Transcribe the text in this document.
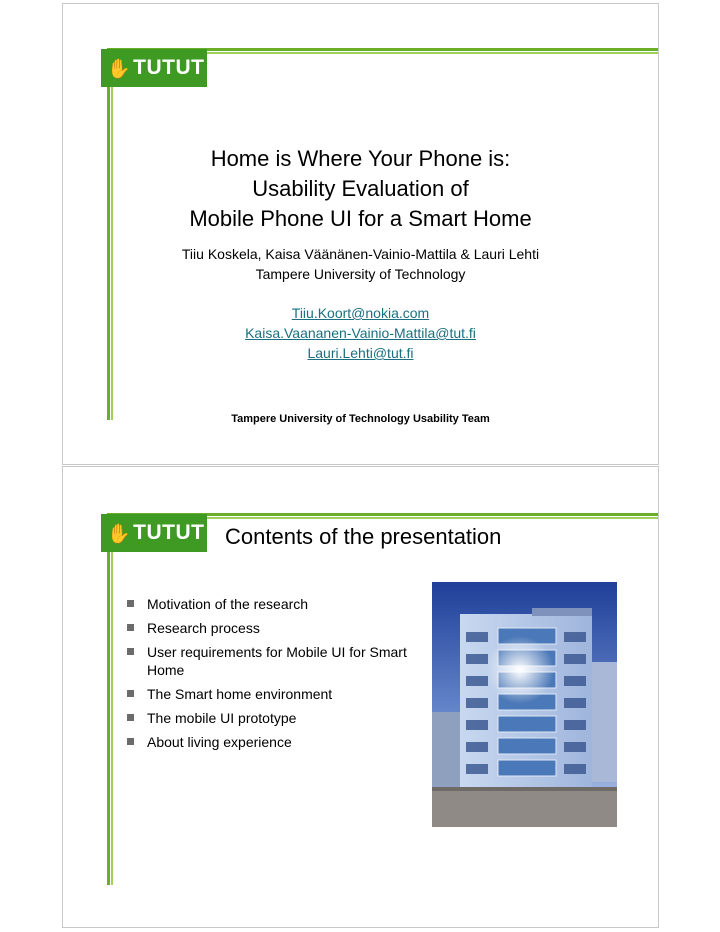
✋ TUTUT
Home is Where Your Phone is:
Usability Evaluation of
Mobile Phone UI for a Smart Home
Tiiu Koskela, Kaisa Väänänen-Vainio-Mattila & Lauri Lehti
Tampere University of Technology
Tiiu.Koort@nokia.com
Kaisa.Vaananen-Vainio-Mattila@tut.fi
Lauri.Lehti@tut.fi
Tampere University of Technology Usability Team
✋ TUTUT Contents of the presentation
Motivation of the research
Research process
User requirements for Mobile UI for Smart Home
The Smart home environment
The mobile UI prototype
About living experience
